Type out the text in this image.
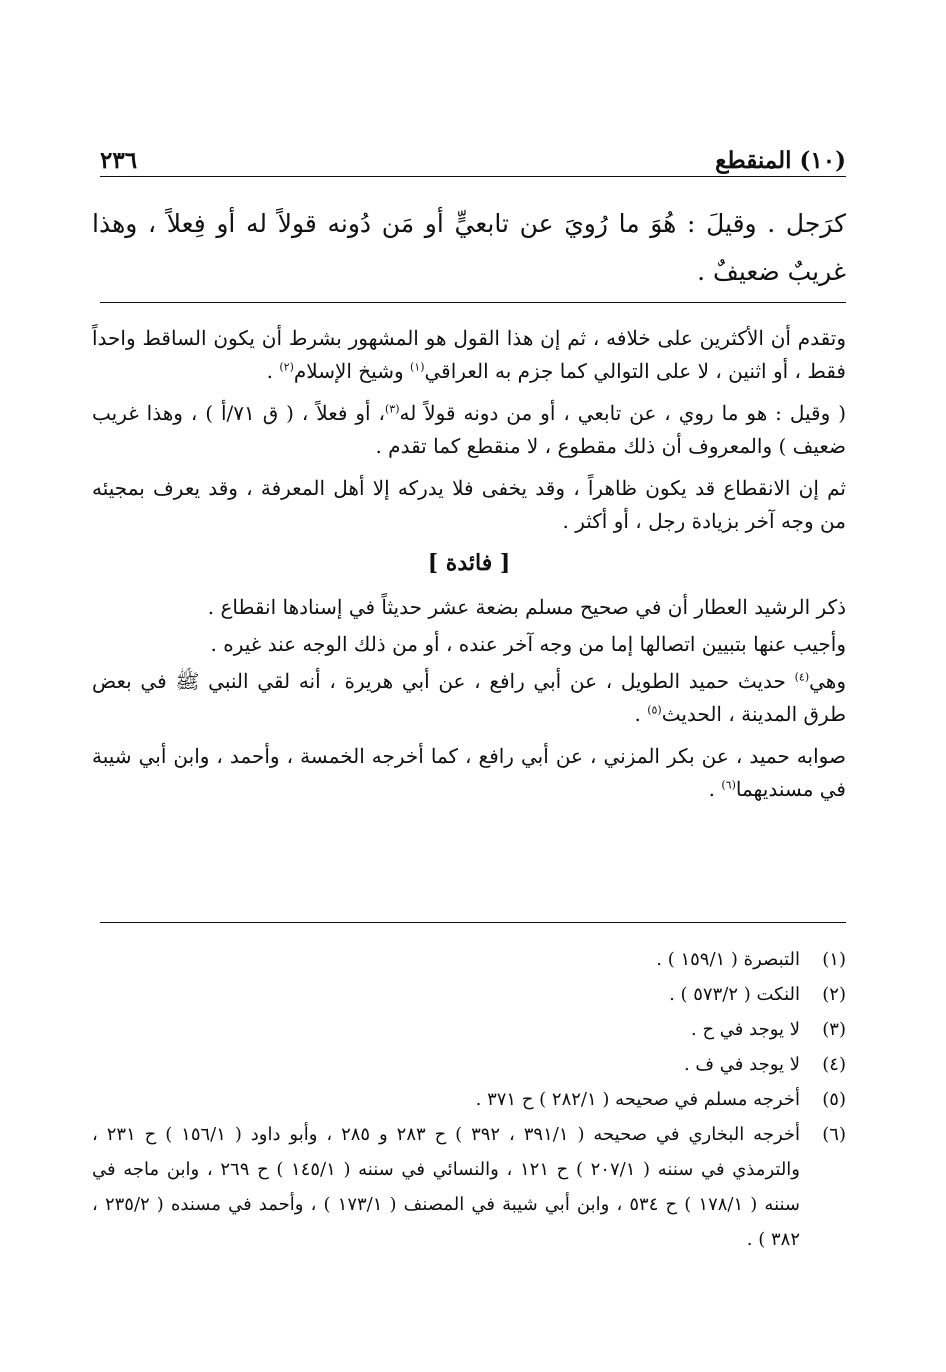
(١٠) المنقطع
٢٣٦
كرَجل . وقيلَ : هُوَ ما رُويَ عن تابعيٍّ أو مَن دُونه قولاً له أو فِعلاً ، وهذا غريبٌ ضعيفٌ .

وتقدم أن الأكثرين على خلافه ، ثم إن هذا القول هو المشهور بشرط أن يكون الساقط واحداً فقط ، أو اثنين ، لا على التوالي كما جزم به العراقي$^{(١)}$ وشيخ الإسلام$^{(٢)}$ .

( وقيل : هو ما روي ، عن تابعي ، أو من دونه قولاً له$^{(٣)}$، أو فعلاً ، ( ق ٧١/أ ) ، وهذا غريب ضعيف ) والمعروف أن ذلك مقطوع ، لا منقطع كما تقدم .

ثم إن الانقطاع قد يكون ظاهراً ، وقد يخفى فلا يدركه إلا أهل المعرفة ، وقد يعرف بمجيئه من وجه آخر بزيادة رجل ، أو أكثر .

[ فائدة ]

ذكر الرشيد العطار أن في صحيح مسلم بضعة عشر حديثاً في إسنادها انقطاع .

وأجيب عنها بتبيين اتصالها إما من وجه آخر عنده ، أو من ذلك الوجه عند غيره .

وهي$^{(٤)}$ حديث حميد الطويل ، عن أبي رافع ، عن أبي هريرة ، أنه لقي النبي ﷺ في بعض طرق المدينة ، الحديث$^{(٥)}$ .

صوابه حميد ، عن بكر المزني ، عن أبي رافع ، كما أخرجه الخمسة ، وأحمد ، وابن أبي شيبة في مسنديهما$^{(٦)}$ .

(١)
التبصرة ( ١٥٩/١ ) .
(٢)
النكت ( ٥٧٣/٢ ) .
(٣)
لا يوجد في ح .
(٤)
لا يوجد في ف .
(٥)
أخرجه مسلم في صحيحه ( ٢٨٢/١ ) ح ٣٧١ .
(٦)
أخرجه البخاري في صحيحه ( ٣٩١/١ ، ٣٩٢ ) ح ٢٨٣ و ٢٨٥ ، وأبو داود ( ١٥٦/١ ) ح ٢٣١ ، والترمذي في سننه ( ٢٠٧/١ ) ح ١٢١ ، والنسائي في سننه ( ١٤٥/١ ) ح ٢٦٩ ، وابن ماجه في سننه ( ١٧٨/١ ) ح ٥٣٤ ، وابن أبي شيبة في المصنف ( ١٧٣/١ ) ، وأحمد في مسنده ( ٢٣٥/٢ ، ٣٨٢ ) .
